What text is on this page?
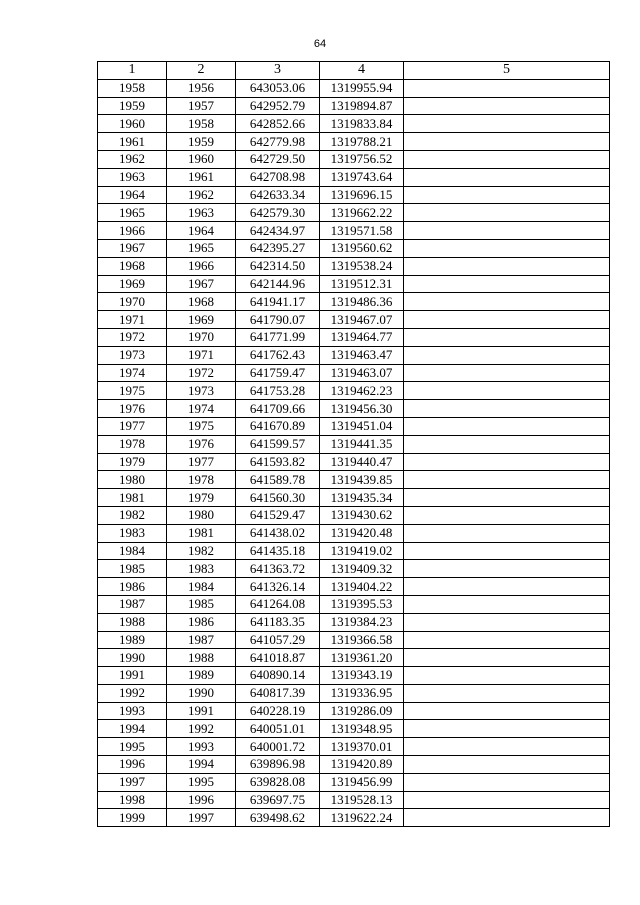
64
1	2	3	4	5
1958	1956	643053.06	1319955.94	
1959	1957	642952.79	1319894.87	
1960	1958	642852.66	1319833.84	
1961	1959	642779.98	1319788.21	
1962	1960	642729.50	1319756.52	
1963	1961	642708.98	1319743.64	
1964	1962	642633.34	1319696.15	
1965	1963	642579.30	1319662.22	
1966	1964	642434.97	1319571.58	
1967	1965	642395.27	1319560.62	
1968	1966	642314.50	1319538.24	
1969	1967	642144.96	1319512.31	
1970	1968	641941.17	1319486.36	
1971	1969	641790.07	1319467.07	
1972	1970	641771.99	1319464.77	
1973	1971	641762.43	1319463.47	
1974	1972	641759.47	1319463.07	
1975	1973	641753.28	1319462.23	
1976	1974	641709.66	1319456.30	
1977	1975	641670.89	1319451.04	
1978	1976	641599.57	1319441.35	
1979	1977	641593.82	1319440.47	
1980	1978	641589.78	1319439.85	
1981	1979	641560.30	1319435.34	
1982	1980	641529.47	1319430.62	
1983	1981	641438.02	1319420.48	
1984	1982	641435.18	1319419.02	
1985	1983	641363.72	1319409.32	
1986	1984	641326.14	1319404.22	
1987	1985	641264.08	1319395.53	
1988	1986	641183.35	1319384.23	
1989	1987	641057.29	1319366.58	
1990	1988	641018.87	1319361.20	
1991	1989	640890.14	1319343.19	
1992	1990	640817.39	1319336.95	
1993	1991	640228.19	1319286.09	
1994	1992	640051.01	1319348.95	
1995	1993	640001.72	1319370.01	
1996	1994	639896.98	1319420.89	
1997	1995	639828.08	1319456.99	
1998	1996	639697.75	1319528.13	
1999	1997	639498.62	1319622.24	
